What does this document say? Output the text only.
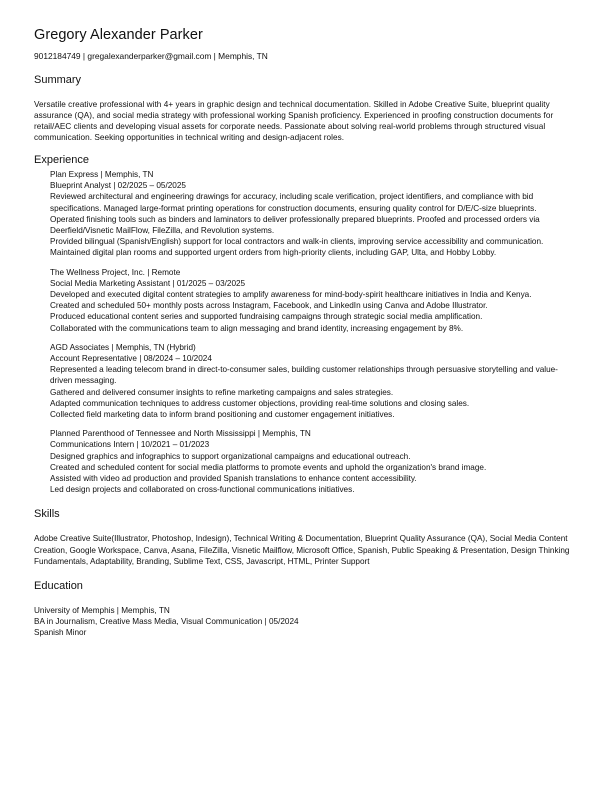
Gregory Alexander Parker
9012184749 | gregalexanderparker@gmail.com | Memphis, TN
Summary

Versatile creative professional with 4+ years in graphic design and technical documentation. Skilled in Adobe Creative Suite, blueprint quality assurance (QA), and social media strategy with professional working Spanish proficiency. Experienced in proofing construction documents for retail/AEC clients and developing visual assets for corporate needs. Passionate about solving real-world problems through structured visual communication. Seeking opportunities in technical writing and design-adjacent roles.

Experience
Plan Express | Memphis, TN
Blueprint Analyst | 02/2025 – 05/2025
Reviewed architectural and engineering drawings for accuracy, including scale verification, project identifiers, and compliance with bid specifications. Managed large-format printing operations for construction documents, ensuring quality control for D/E/C-size blueprints.
Operated finishing tools such as binders and laminators to deliver professionally prepared blueprints. Proofed and processed orders via Deerfield/Visnetic MailFlow, FileZilla, and Revolution systems.
Provided bilingual (Spanish/English) support for local contractors and walk-in clients, improving service accessibility and communication. Maintained digital plan rooms and supported urgent orders from high-priority clients, including GAP, Ulta, and Hobby Lobby.
The Wellness Project, Inc. | Remote
Social Media Marketing Assistant | 01/2025 – 03/2025
Developed and executed digital content strategies to amplify awareness for mind-body-spirit healthcare initiatives in India and Kenya.
Created and scheduled 50+ monthly posts across Instagram, Facebook, and LinkedIn using Canva and Adobe Illustrator.
Produced educational content series and supported fundraising campaigns through strategic social media amplification.
Collaborated with the communications team to align messaging and brand identity, increasing engagement by 8%.
AGD Associates | Memphis, TN (Hybrid)
Account Representative | 08/2024 – 10/2024
Represented a leading telecom brand in direct-to-consumer sales, building customer relationships through persuasive storytelling and value-driven messaging.
Gathered and delivered consumer insights to refine marketing campaigns and sales strategies.
Adapted communication techniques to address customer objections, providing real-time solutions and closing sales.
Collected field marketing data to inform brand positioning and customer engagement initiatives.
Planned Parenthood of Tennessee and North Mississippi | Memphis, TN
Communications Intern | 10/2021 – 01/2023
Designed graphics and infographics to support organizational campaigns and educational outreach.
Created and scheduled content for social media platforms to promote events and uphold the organization's brand image.
Assisted with video ad production and provided Spanish translations to enhance content accessibility.
Led design projects and collaborated on cross-functional communications initiatives.
Skills

Adobe Creative Suite(Illustrator, Photoshop, Indesign), Technical Writing & Documentation, Blueprint Quality Assurance (QA), Social Media Content Creation, Google Workspace, Canva, Asana, FileZilla, Visnetic Mailflow, Microsoft Office, Spanish, Public Speaking & Presentation, Design Thinking Fundamentals, Adaptability, Branding, Sublime Text, CSS, Javascript, HTML, Printer Support

Education
University of Memphis | Memphis, TN
BA in Journalism, Creative Mass Media, Visual Communication | 05/2024
Spanish Minor
